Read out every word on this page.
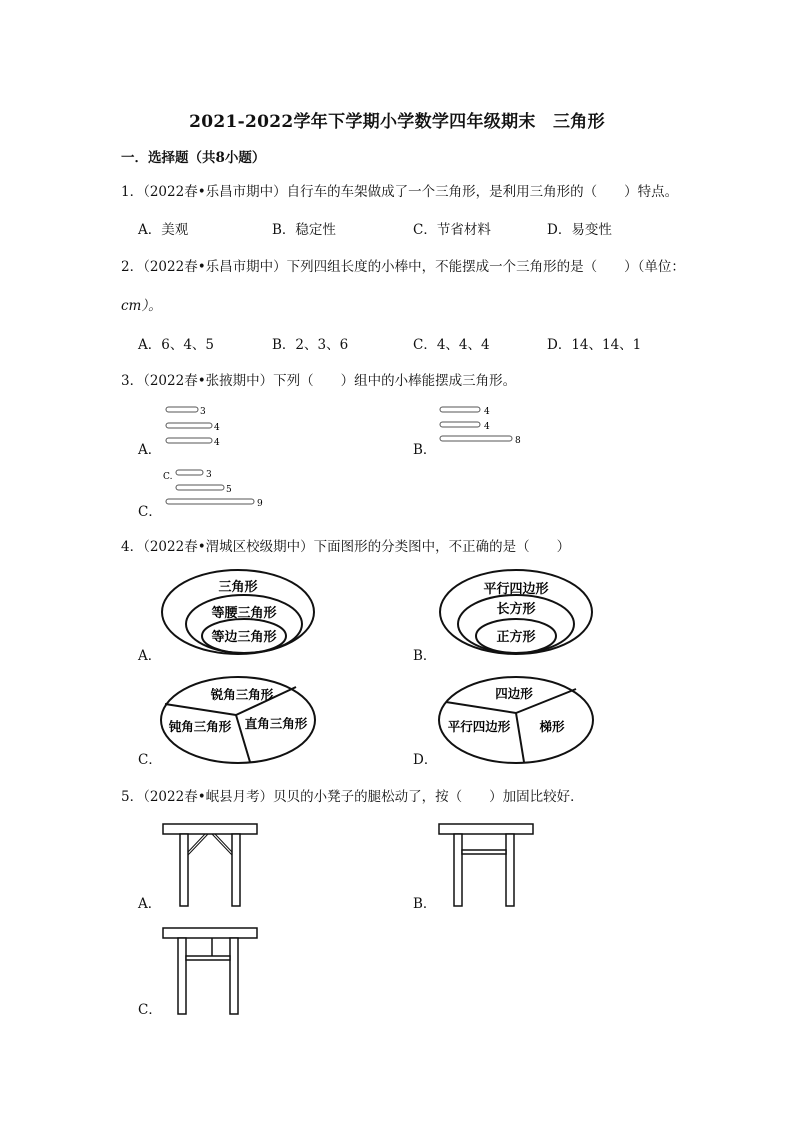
2021-2022学年下学期小学数学四年级期末　三角形
一．选择题（共8小题）
1．（2022春•乐昌市期中）自行车的车架做成了一个三角形，是利用三角形的（　　）特点。
A．美观	B．稳定性	C．节省材料	D．易变性
2．（2022春•乐昌市期中）下列四组长度的小棒中，不能摆成一个三角形的是（　　）（单位：
cm）。
A．6、4、5	B．2、3、6	C．4、4、4	D．14、14、1
3．（2022春•张掖期中）下列（　　）组中的小棒能摆成三角形。
A．
3
4
4	B．
4
4
8
C．
C.	3
5
9
4．（2022春•渭城区校级期中）下面图形的分类图中，不正确的是（　　）
A．
三角形
等腰三角形
等边三角形
B．
平行四边形
长方形
正方形
C．
锐角三角形
钝角三角形 直角三角形
D．
四边形
平行四边形 梯形
5．（2022春•岷县月考）贝贝的小凳子的腿松动了，按（　　）加固比较好．
A．	B．
C．
